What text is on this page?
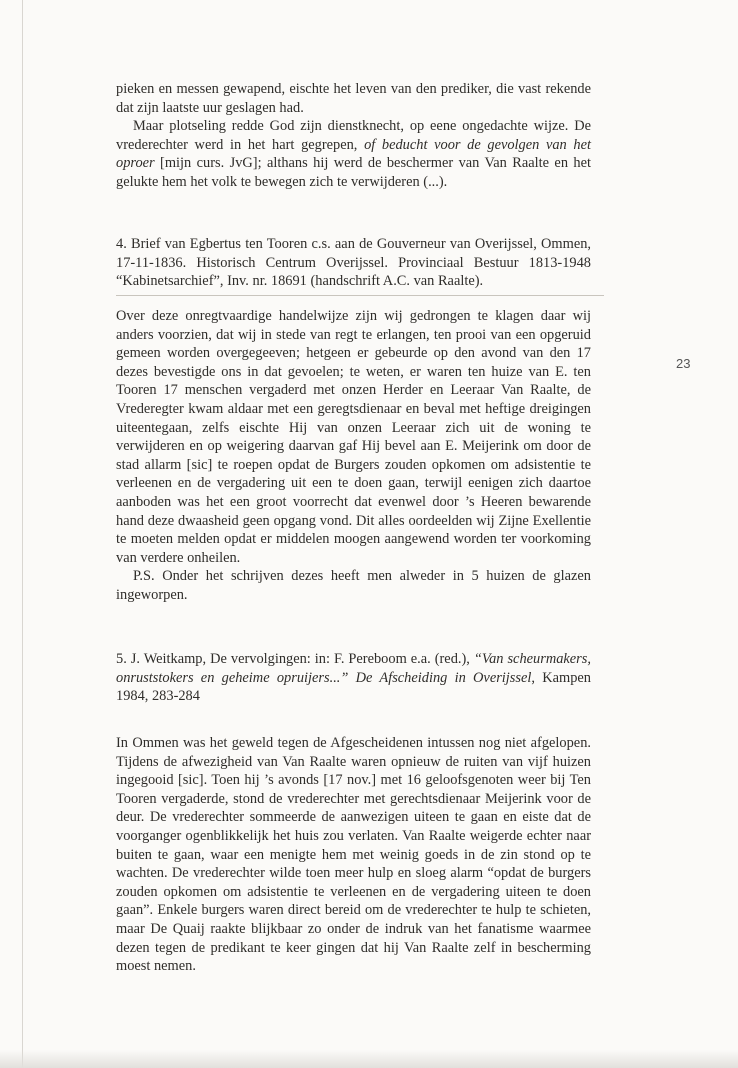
23

pieken en messen gewapend, eischte het leven van den prediker, die vast rekende dat zijn laatste uur geslagen had.

Maar plotseling redde God zijn dienstknecht, op eene ongedachte wijze. De vrederechter werd in het hart gegrepen, of beducht voor de gevolgen van het oproer [mijn curs. JvG]; althans hij werd de beschermer van Van Raalte en het gelukte hem het volk te bewegen zich te verwijderen (...).

4. Brief van Egbertus ten Tooren c.s. aan de Gouverneur van Overijssel, Ommen, 17-11-1836. Historisch Centrum Overijssel. Provinciaal Bestuur 1813-1948 “Kabinetsarchief”, Inv. nr. 18691 (handschrift A.C. van Raalte).

Over deze onregtvaardige handelwijze zijn wij gedrongen te klagen daar wij anders voorzien, dat wij in stede van regt te erlangen, ten prooi van een opgeruid gemeen worden overgegeeven; hetgeen er gebeurde op den avond van den 17 dezes bevestigde ons in dat gevoelen; te weten, er waren ten huize van E. ten Tooren 17 menschen vergaderd met onzen Herder en Leeraar Van Raalte, de Vrederegter kwam aldaar met een geregtsdienaar en beval met heftige dreigingen uiteentegaan, zelfs eischte Hij van onzen Leeraar zich uit de woning te verwijderen en op weigering daarvan gaf Hij bevel aan E. Meijerink om door de stad allarm [sic] te roepen opdat de Burgers zouden opkomen om adsistentie te verleenen en de vergadering uit een te doen gaan, terwijl eenigen zich daartoe aanboden was het een groot voorrecht dat evenwel door ’s Heeren bewarende hand deze dwaasheid geen opgang vond. Dit alles oordeelden wij Zijne Exellentie te moeten melden opdat er middelen moogen aangewend worden ter voorkoming van verdere onheilen.

P.S. Onder het schrijven dezes heeft men alweder in 5 huizen de glazen ingeworpen.

5. J. Weitkamp, De vervolgingen: in: F. Pereboom e.a. (red.), “Van scheurmakers, onruststokers en geheime opruijers...” De Afscheiding in Overijssel, Kampen 1984, 283-284

In Ommen was het geweld tegen de Afgescheidenen intussen nog niet afgelopen. Tijdens de afwezigheid van Van Raalte waren opnieuw de ruiten van vijf huizen ingegooid [sic]. Toen hij ’s avonds [17 nov.] met 16 geloofsgenoten weer bij Ten Tooren vergaderde, stond de vrederechter met gerechtsdienaar Meijerink voor de deur. De vrederechter sommeerde de aanwezigen uiteen te gaan en eiste dat de voorganger ogenblikkelijk het huis zou verlaten. Van Raalte weigerde echter naar buiten te gaan, waar een menigte hem met weinig goeds in de zin stond op te wachten. De vrederechter wilde toen meer hulp en sloeg alarm “opdat de burgers zouden opkomen om adsistentie te verleenen en de vergadering uiteen te doen gaan”. Enkele burgers waren direct bereid om de vrederechter te hulp te schieten, maar De Quaij raakte blijkbaar zo onder de indruk van het fanatisme waarmee dezen tegen de predikant te keer gingen dat hij Van Raalte zelf in bescherming moest nemen.
